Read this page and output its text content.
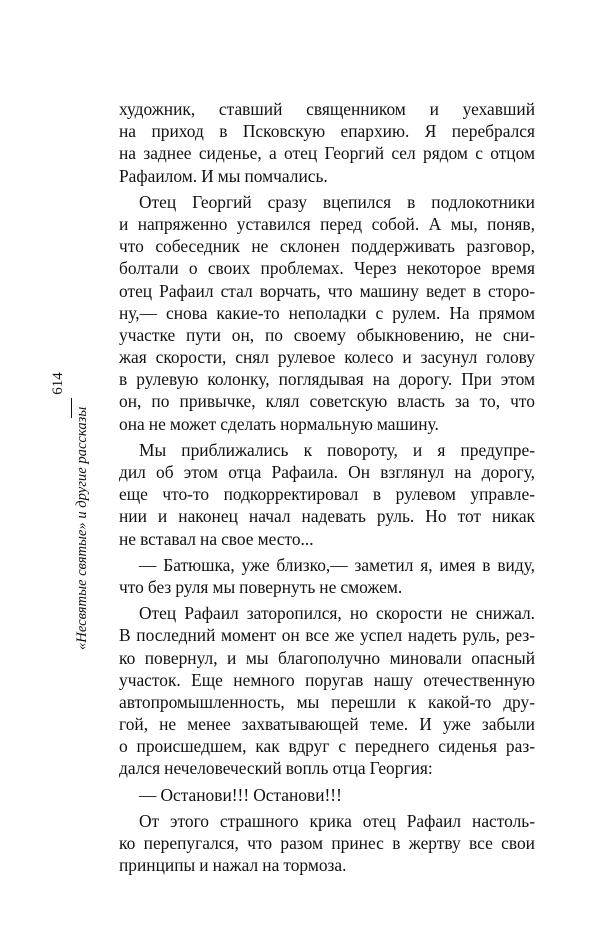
614
«Несвятые святые» и другие рассказы
художник, ставший священником и уехавший
на приход в Псковскую епархию. Я перебрался
на заднее сиденье, а отец Георгий сел рядом с отцом
Рафаилом. И мы помчались.
Отец Георгий сразу вцепился в подлокотники
и напряженно уставился перед собой. А мы, поняв,
что собеседник не склонен поддерживать разговор,
болтали о своих проблемах. Через некоторое время
отец Рафаил стал ворчать, что машину ведет в сторо-
ну,— снова какие-то неполадки с рулем. На прямом
участке пути он, по своему обыкновению, не сни-
жая скорости, снял рулевое колесо и засунул голову
в рулевую колонку, поглядывая на дорогу. При этом
он, по привычке, клял советскую власть за то, что
она не может сделать нормальную машину.
Мы приближались к повороту, и я предупре-
дил об этом отца Рафаила. Он взглянул на дорогу,
еще что-то подкорректировал в рулевом управле-
нии и наконец начал надевать руль. Но тот никак
не вставал на свое место...
— Батюшка, уже близко,— заметил я, имея в виду,
что без руля мы повернуть не сможем.
Отец Рафаил заторопился, но скорости не снижал.
В последний момент он все же успел надеть руль, рез-
ко повернул, и мы благополучно миновали опасный
участок. Еще немного поругав нашу отечественную
автопромышленность, мы перешли к какой-то дру-
гой, не менее захватывающей теме. И уже забыли
о происшедшем, как вдруг с переднего сиденья раз-
дался нечеловеческий вопль отца Георгия:
— Останови!!! Останови!!!
От этого страшного крика отец Рафаил настоль-
ко перепугался, что разом принес в жертву все свои
принципы и нажал на тормоза.
